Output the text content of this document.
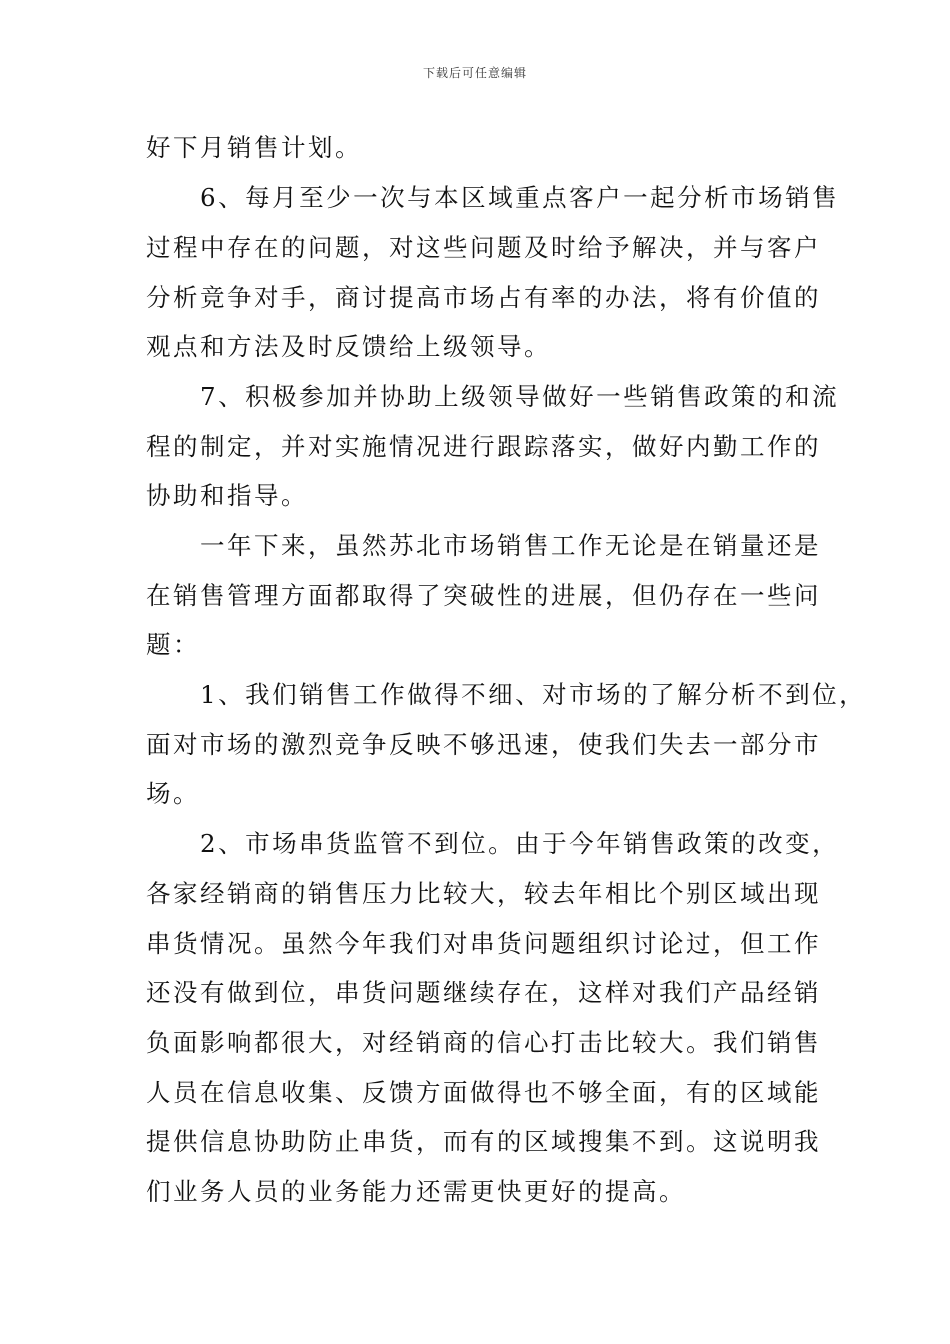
下载后可任意编辑
好下月销售计划。
　　6、每月至少一次与本区域重点客户一起分析市场销售
过程中存在的问题，对这些问题及时给予解决，并与客户
分析竞争对手，商讨提高市场占有率的办法，将有价值的
观点和方法及时反馈给上级领导。
　　7、积极参加并协助上级领导做好一些销售政策的和流
程的制定，并对实施情况进行跟踪落实，做好内勤工作的
协助和指导。
　　一年下来，虽然苏北市场销售工作无论是在销量还是
在销售管理方面都取得了突破性的进展，但仍存在一些问
题：
　　1、我们销售工作做得不细、对市场的了解分析不到位，
面对市场的激烈竞争反映不够迅速，使我们失去一部分市
场。
　　2、市场串货监管不到位。由于今年销售政策的改变，
各家经销商的销售压力比较大，较去年相比个别区域出现
串货情况。虽然今年我们对串货问题组织讨论过，但工作
还没有做到位，串货问题继续存在，这样对我们产品经销
负面影响都很大，对经销商的信心打击比较大。我们销售
人员在信息收集、反馈方面做得也不够全面，有的区域能
提供信息协助防止串货，而有的区域搜集不到。这说明我
们业务人员的业务能力还需更快更好的提高。
